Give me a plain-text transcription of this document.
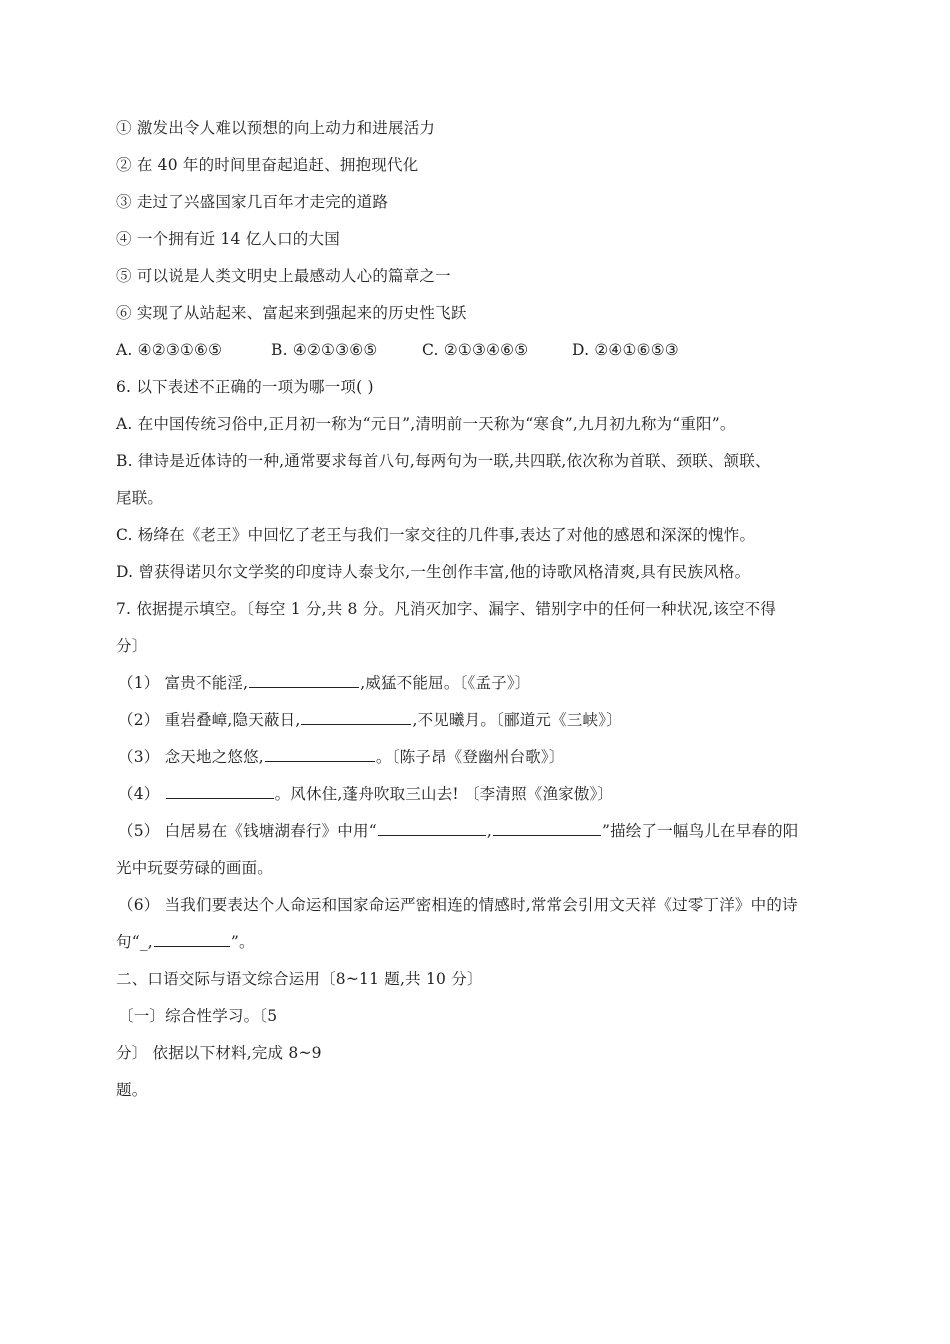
① 激发出令人难以预想的向上动力和进展活力
② 在 40 年的时间里奋起追赶、拥抱现代化
③ 走过了兴盛国家几百年才走完的道路
④ 一个拥有近 14 亿人口的大国
⑤ 可以说是人类文明史上最感动人心的篇章之一
⑥ 实现了从站起来、富起来到强起来的历史性飞跃
A. ④②③①⑥⑤	B. ④②①③⑥⑤	C. ②①③④⑥⑤	D. ②④①⑥⑤③
6. 以下表述不正确的一项为哪一项( )
A. 在中国传统习俗中,正月初一称为“元日”,清明前一天称为“寒食”,九月初九称为“重阳”。
B. 律诗是近体诗的一种,通常要求每首八句,每两句为一联,共四联,依次称为首联、颈联、颔联、
尾联。
C. 杨绛在《老王》中回忆了老王与我们一家交往的几件事,表达了对他的感恩和深深的愧怍。
D. 曾获得诺贝尔文学奖的印度诗人泰戈尔,一生创作丰富,他的诗歌风格清爽,具有民族风格。
7. 依据提示填空。〔每空 1 分,共 8 分。凡消灭加字、漏字、错别字中的任何一种状况,该空不得
分〕
（1） 富贵不能淫,	,威猛不能屈。〔《孟子》〕
（2） 重岩叠嶂,隐天蔽日,	,不见曦月。〔郦道元《三峡》〕
（3） 念天地之悠悠,	。〔陈子昂《登幽州台歌》〕
（4）	。风休住,蓬舟吹取三山去! 〔李清照《渔家傲》〕
（5） 白居易在《钱塘湖春行》中用“	,	”描绘了一幅鸟儿在早春的阳
光中玩耍劳碌的画面。
（6） 当我们要表达个人命运和国家命运严密相连的情感时,常常会引用文天祥《过零丁洋》中的诗
句“_,	”。
二、口语交际与语文综合运用〔8~11 题,共 10 分〕
〔一〕综合性学习。〔5
分〕 依据以下材料,完成 8~9
题。
